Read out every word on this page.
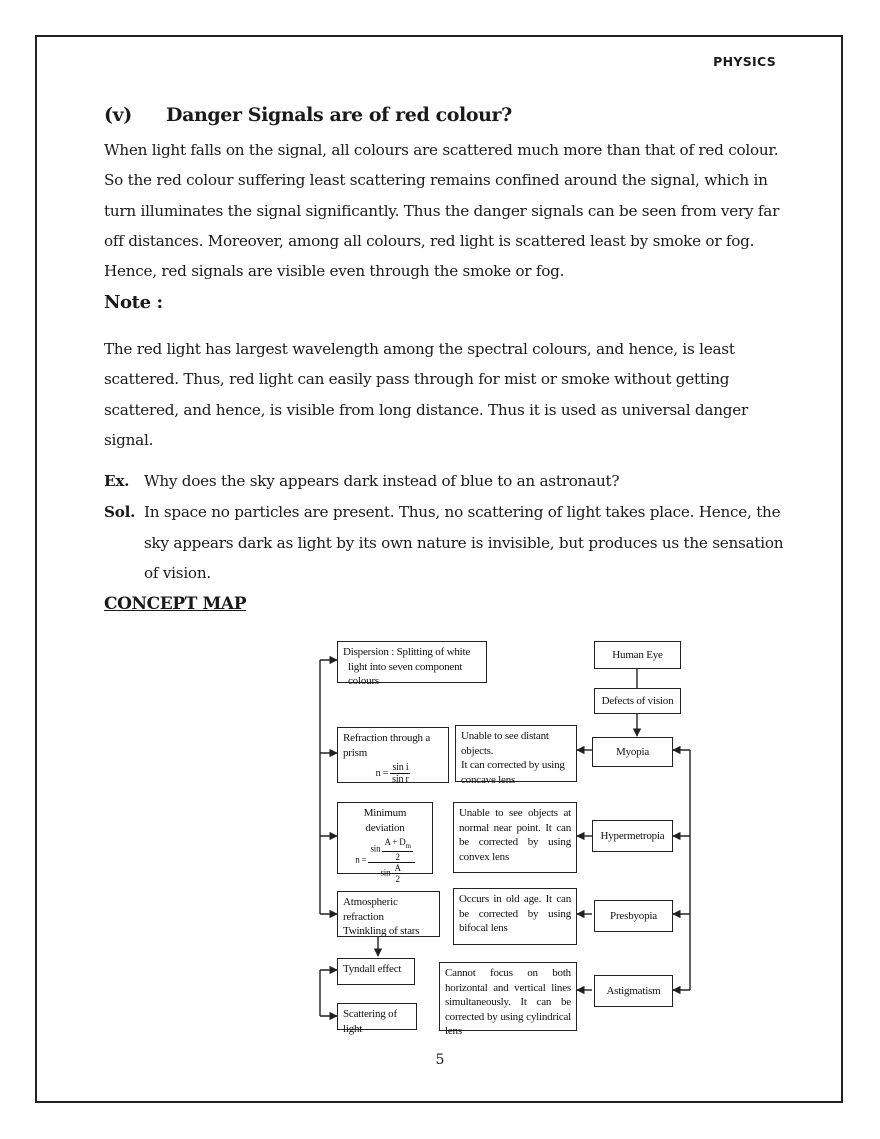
PHYSICS
(v) Danger Signals are of red colour?
When light falls on the signal, all colours are scattered much more than that of red colour.
So the red colour suffering least scattering remains confined around the signal, which in
turn illuminates the signal significantly. Thus the danger signals can be seen from very far
off distances. Moreover, among all colours, red light is scattered least by smoke or fog.
Hence, red signals are visible even through the smoke or fog.
Note :
The red light has largest wavelength among the spectral colours, and hence, is least
scattered. Thus, red light can easily pass through for mist or smoke without getting
scattered, and hence, is visible from long distance. Thus it is used as universal danger
signal.
Ex. Why does the sky appears dark instead of blue to an astronaut?
Sol. In space no particles are present. Thus, no scattering of light takes place. Hence, the
sky appears dark as light by its own nature is invisible, but produces us the sensation
of vision.
CONCEPT MAP
Dispersion : Splitting of white
light into seven component colours
Refraction through a prism
$n = \frac{\text{sin i}}{\text{sin r}}$
Minimum deviation
$n = \frac{\sin \frac{A + D_m}{2}}{\sin \frac{A}{2}}$
Atmospheric refraction
Twinkling of stars
Tyndall effect
Scattering of light
Unable to see distant objects.
It can corrected by using
concave lens
Unable to see objects at normal near point. It can be corrected by using convex lens
Occurs in old age. It can be corrected by using bifocal lens
Cannot focus on both horizontal and vertical lines simultaneously. It can be corrected by using cylindrical lens
Human Eye
Defects of vision
Myopia
Hypermetropia
Presbyopia
Astigmatism
5
